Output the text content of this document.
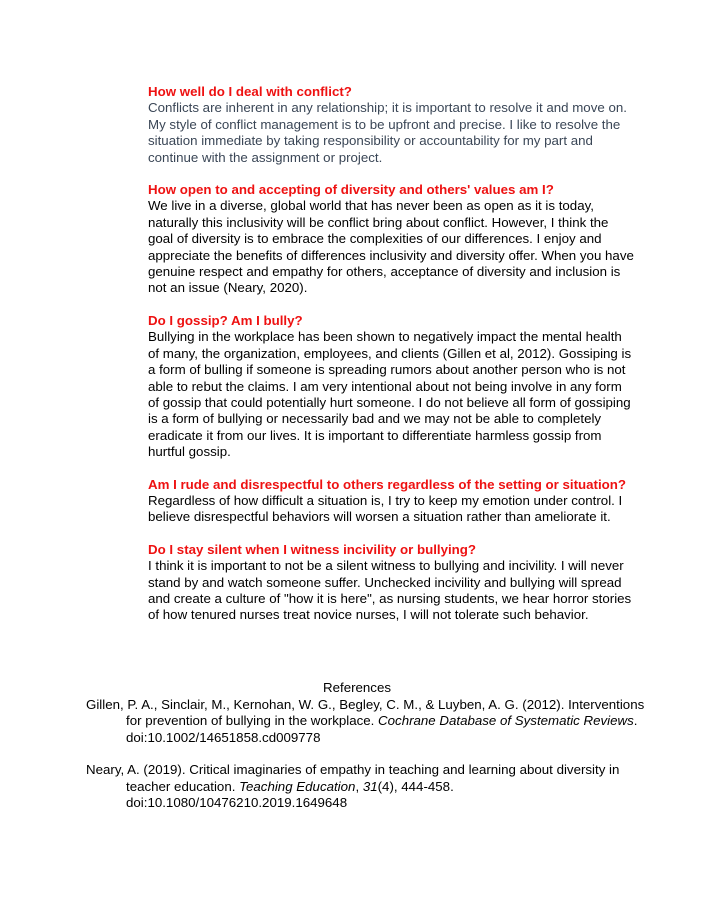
How well do I deal with conflict?

Conflicts are inherent in any relationship; it is important to resolve it and move on. My style of conflict management is to be upfront and precise. I like to resolve the situation immediate by taking responsibility or accountability for my part and continue with the assignment or project.

How open to and accepting of diversity and others' values am I?

We live in a diverse, global world that has never been as open as it is today, naturally this inclusivity will be conflict bring about conflict. However, I think the goal of diversity is to embrace the complexities of our differences. I enjoy and appreciate the benefits of differences inclusivity and diversity offer. When you have genuine respect and empathy for others, acceptance of diversity and inclusion is not an issue (Neary, 2020).

Do I gossip? Am I bully?

Bullying in the workplace has been shown to negatively impact the mental health of many, the organization, employees, and clients (Gillen et al, 2012). Gossiping is a form of bulling if someone is spreading rumors about another person who is not able to rebut the claims. I am very intentional about not being involve in any form of gossip that could potentially hurt someone. I do not believe all form of gossiping is a form of bullying or necessarily bad and we may not be able to completely eradicate it from our lives. It is important to differentiate harmless gossip from hurtful gossip.

Am I rude and disrespectful to others regardless of the setting or situation?

Regardless of how difficult a situation is, I try to keep my emotion under control. I believe disrespectful behaviors will worsen a situation rather than ameliorate it.

Do I stay silent when I witness incivility or bullying?

I think it is important to not be a silent witness to bullying and incivility. I will never stand by and watch someone suffer. Unchecked incivility and bullying will spread and create a culture of "how it is here", as nursing students, we hear horror stories of how tenured nurses treat novice nurses, I will not tolerate such behavior.

References

Gillen, P. A., Sinclair, M., Kernohan, W. G., Begley, C. M., & Luyben, A. G. (2012). Interventions for prevention of bullying in the workplace. Cochrane Database of Systematic Reviews. doi:10.1002/14651858.cd009778

Neary, A. (2019). Critical imaginaries of empathy in teaching and learning about diversity in teacher education. Teaching Education, 31(4), 444-458. doi:10.1080/10476210.2019.1649648
